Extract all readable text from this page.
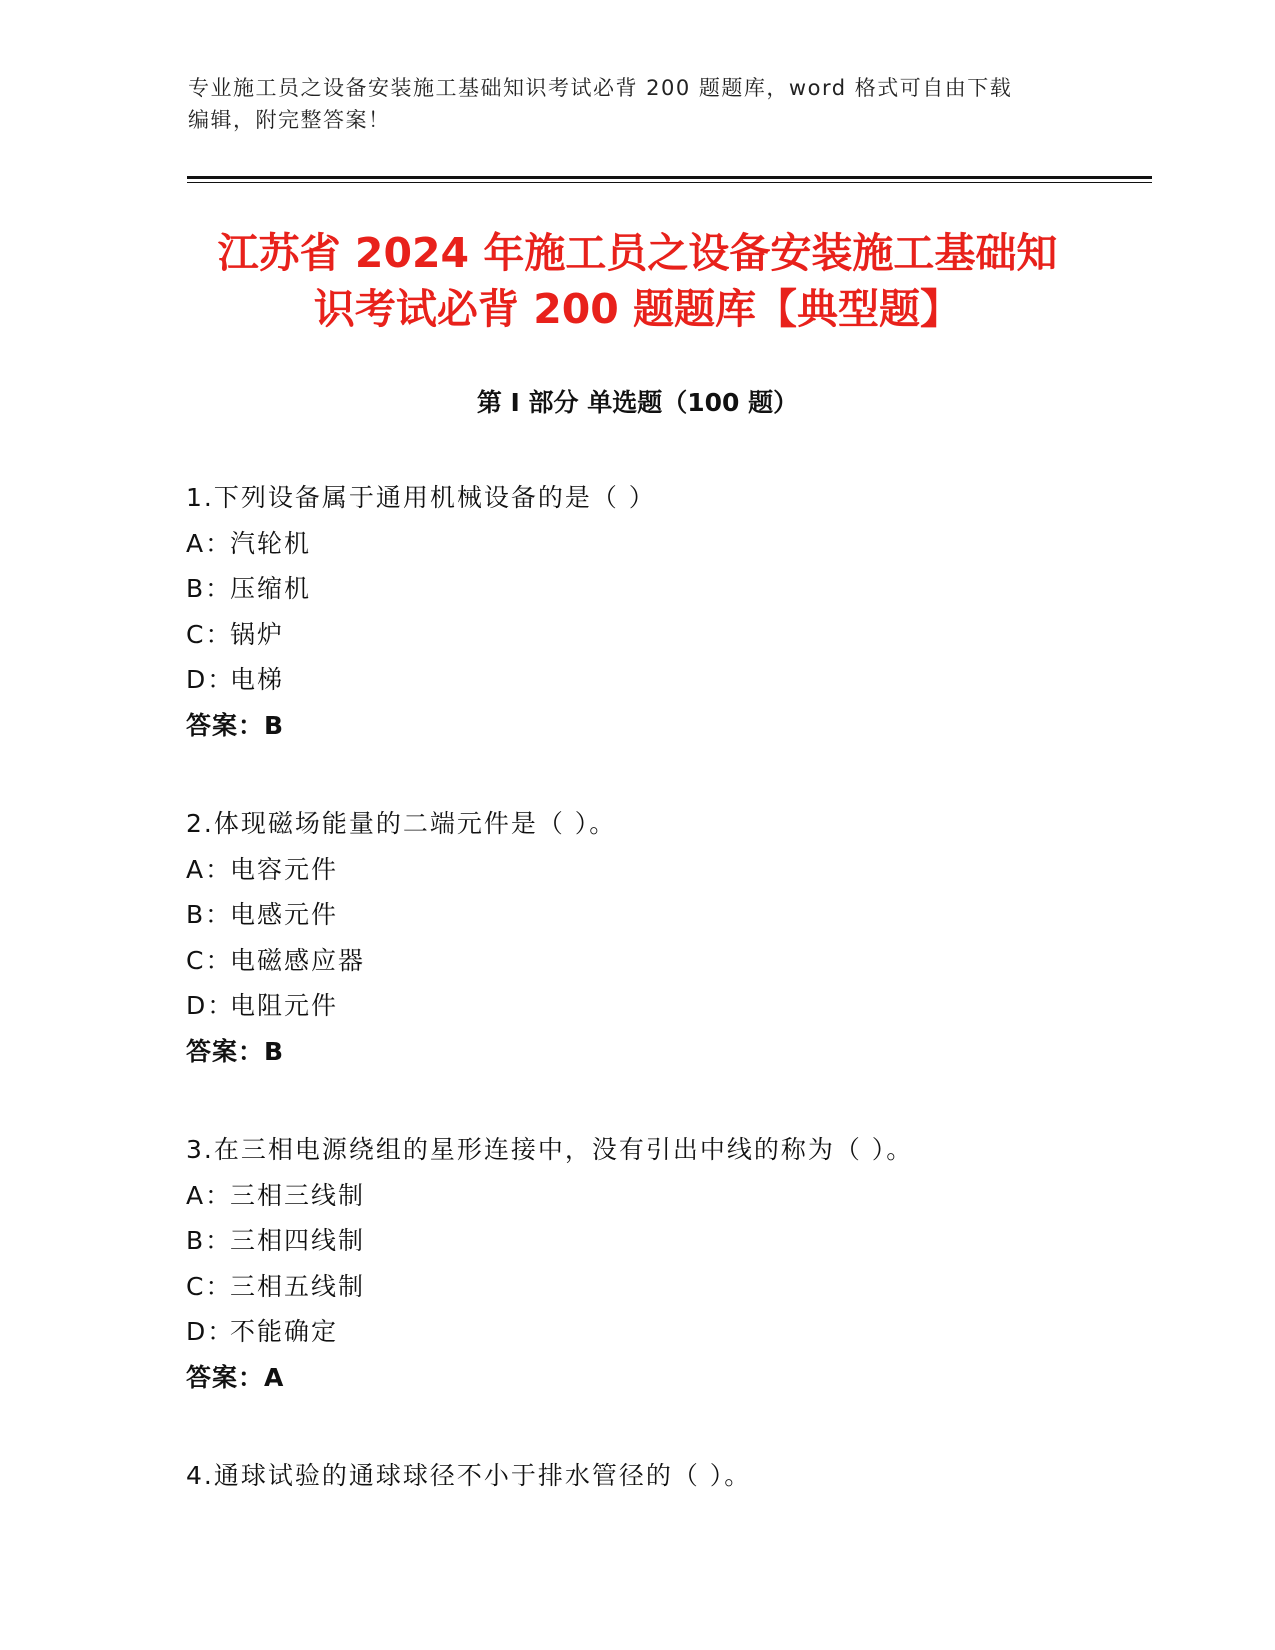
专业施工员之设备安装施工基础知识考试必背 200 题题库，word 格式可自由下载
编辑，附完整答案！
江苏省 2024 年施工员之设备安装施工基础知
识考试必背 200 题题库【典型题】
第 I 部分 单选题（100 题）
1.下列设备属于通用机械设备的是（ ）
A：汽轮机
B：压缩机
C：锅炉
D：电梯
答案：B
2.体现磁场能量的二端元件是（ ）。
A：电容元件
B：电感元件
C：电磁感应器
D：电阻元件
答案：B
3.在三相电源绕组的星形连接中，没有引出中线的称为（ ）。
A：三相三线制
B：三相四线制
C：三相五线制
D：不能确定
答案：A
4.通球试验的通球球径不小于排水管径的（ ）。
